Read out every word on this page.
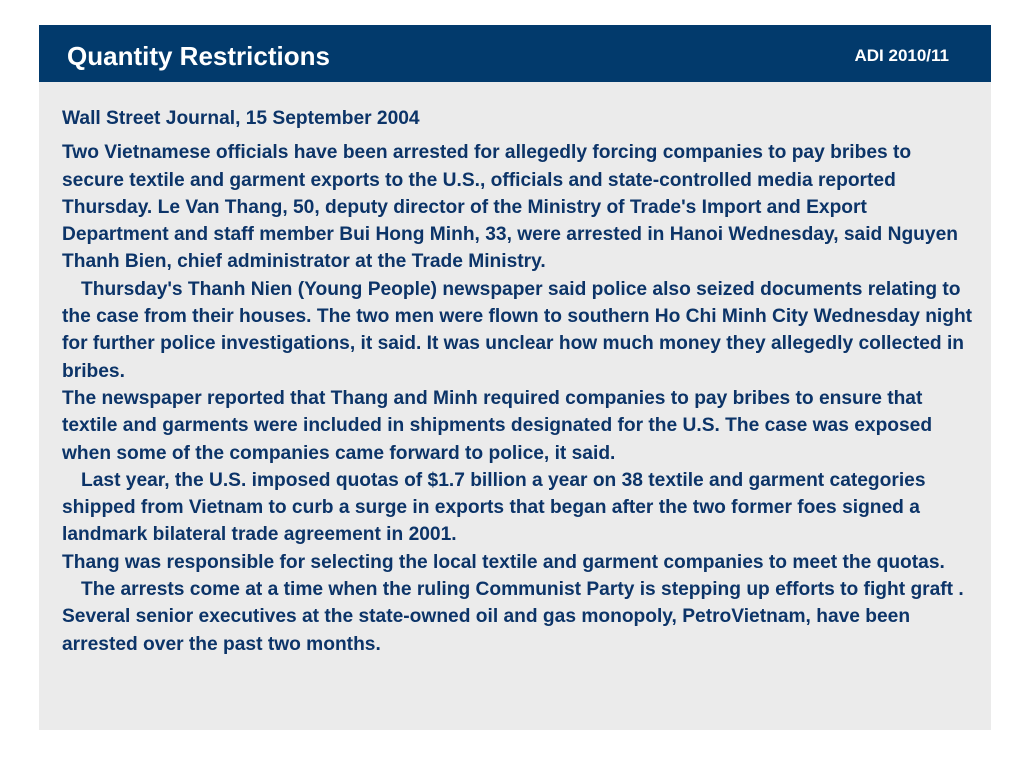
Quantity Restrictions	ADI 2010/11
Wall Street Journal, 15 September 2004

Two Vietnamese officials have been arrested for allegedly forcing companies to pay bribes to secure textile and garment exports to the U.S., officials and state-controlled media reported Thursday. Le Van Thang, 50, deputy director of the Ministry of Trade's Import and Export Department and staff member Bui Hong Minh, 33, were arrested in Hanoi Wednesday, said Nguyen Thanh Bien, chief administrator at the Trade Ministry.

Thursday's Thanh Nien (Young People) newspaper said police also seized documents relating to the case from their houses. The two men were flown to southern Ho Chi Minh City Wednesday night for further police investigations, it said. It was unclear how much money they allegedly collected in bribes.

The newspaper reported that Thang and Minh required companies to pay bribes to ensure that textile and garments were included in shipments designated for the U.S. The case was exposed when some of the companies came forward to police, it said.

Last year, the U.S. imposed quotas of $1.7 billion a year on 38 textile and garment categories shipped from Vietnam to curb a surge in exports that began after the two former foes signed a landmark bilateral trade agreement in 2001.

Thang was responsible for selecting the local textile and garment companies to meet the quotas.

The arrests come at a time when the ruling Communist Party is stepping up efforts to fight graft . Several senior executives at the state-owned oil and gas monopoly, PetroVietnam, have been arrested over the past two months.
